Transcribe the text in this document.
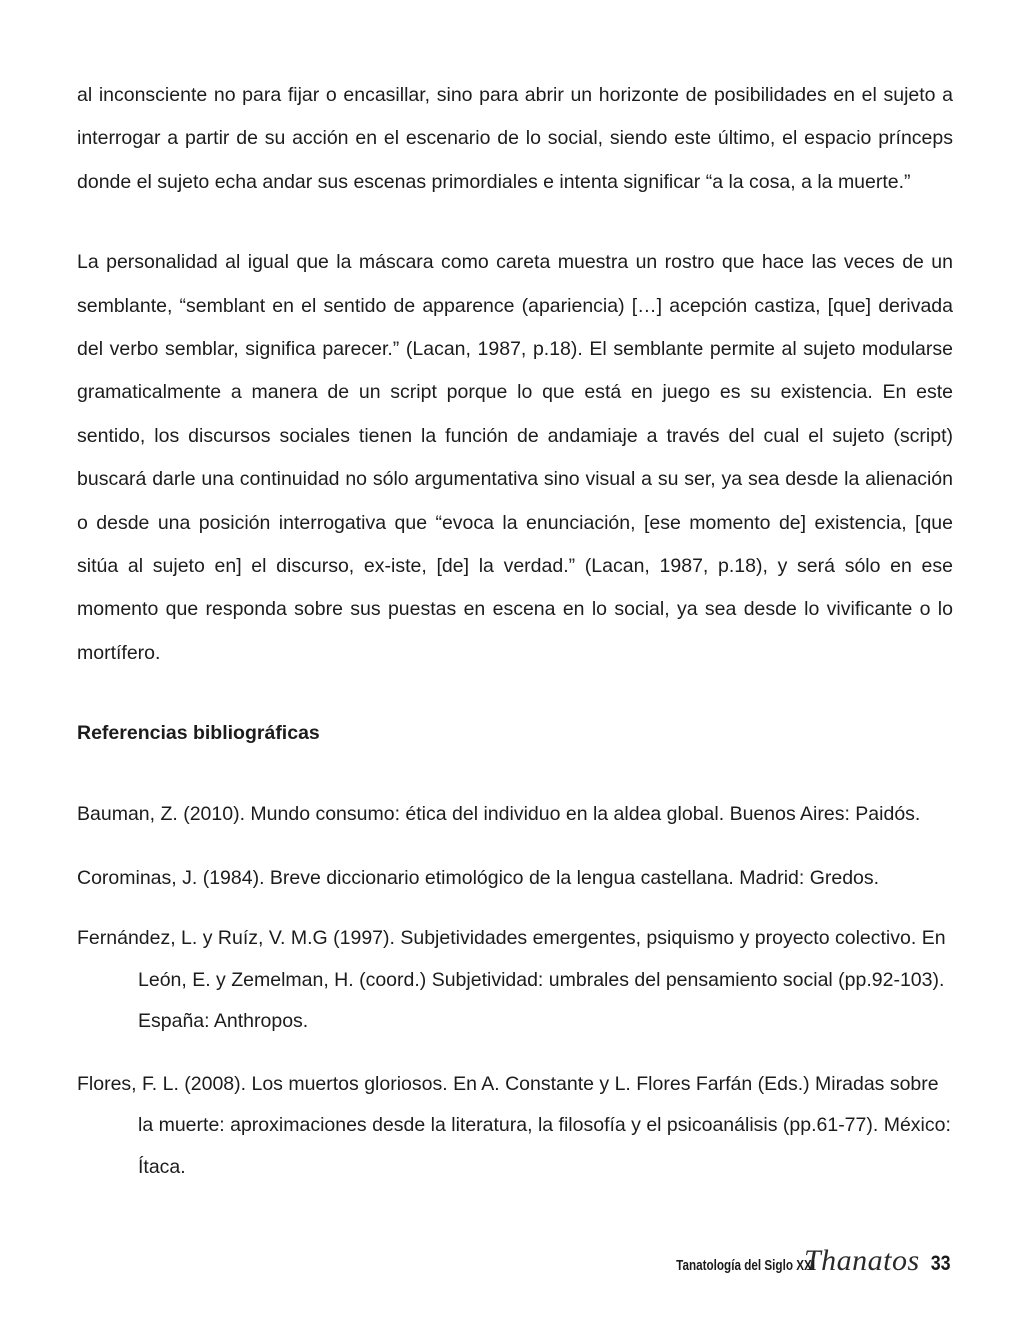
al inconsciente no para fijar o encasillar, sino para abrir un horizonte de posibilidades en el sujeto a interrogar a partir de su acción en el escenario de lo social, siendo este último, el espacio prínceps donde el sujeto echa andar sus escenas primordiales e intenta significar “a la cosa, a la muerte.”

La personalidad al igual que la máscara como careta muestra un rostro que hace las veces de un semblante, “semblant en el sentido de apparence (apariencia) […] acepción castiza, [que] derivada del verbo semblar, significa parecer.” (Lacan, 1987, p.18). El semblante permite al sujeto modularse gramaticalmente a manera de un script porque lo que está en juego es su existencia. En este sentido, los discursos sociales tienen la función de andamiaje a través del cual el sujeto (script) buscará darle una continuidad no sólo argumentativa sino visual a su ser, ya sea desde la alienación o desde una posición interrogativa que “evoca la enunciación, [ese momento de] existencia, [que sitúa al sujeto en] el discurso, ex-iste, [de] la verdad.” (Lacan, 1987, p.18), y será sólo en ese momento que responda sobre sus puestas en escena en lo social, ya sea desde lo vivificante o lo mortífero.

Referencias bibliográficas

Bauman, Z. (2010). Mundo consumo: ética del individuo en la aldea global. Buenos Aires: Paidós.

Corominas, J. (1984). Breve diccionario etimológico de la lengua castellana. Madrid: Gredos.

Fernández, L. y Ruíz, V. M.G (1997). Subjetividades emergentes, psiquismo y proyecto colectivo. En León, E. y Zemelman, H. (coord.) Subjetividad: umbrales del pensamiento social (pp.92-103). España: Anthropos.

Flores, F. L. (2008). Los muertos gloriosos. En A. Constante y L. Flores Farfán (Eds.) Miradas sobre la muerte: aproximaciones desde la literatura, la filosofía y el psicoanálisis (pp.61-77). México: Ítaca.

Tanatología del Siglo XXI
Thanatos 33
